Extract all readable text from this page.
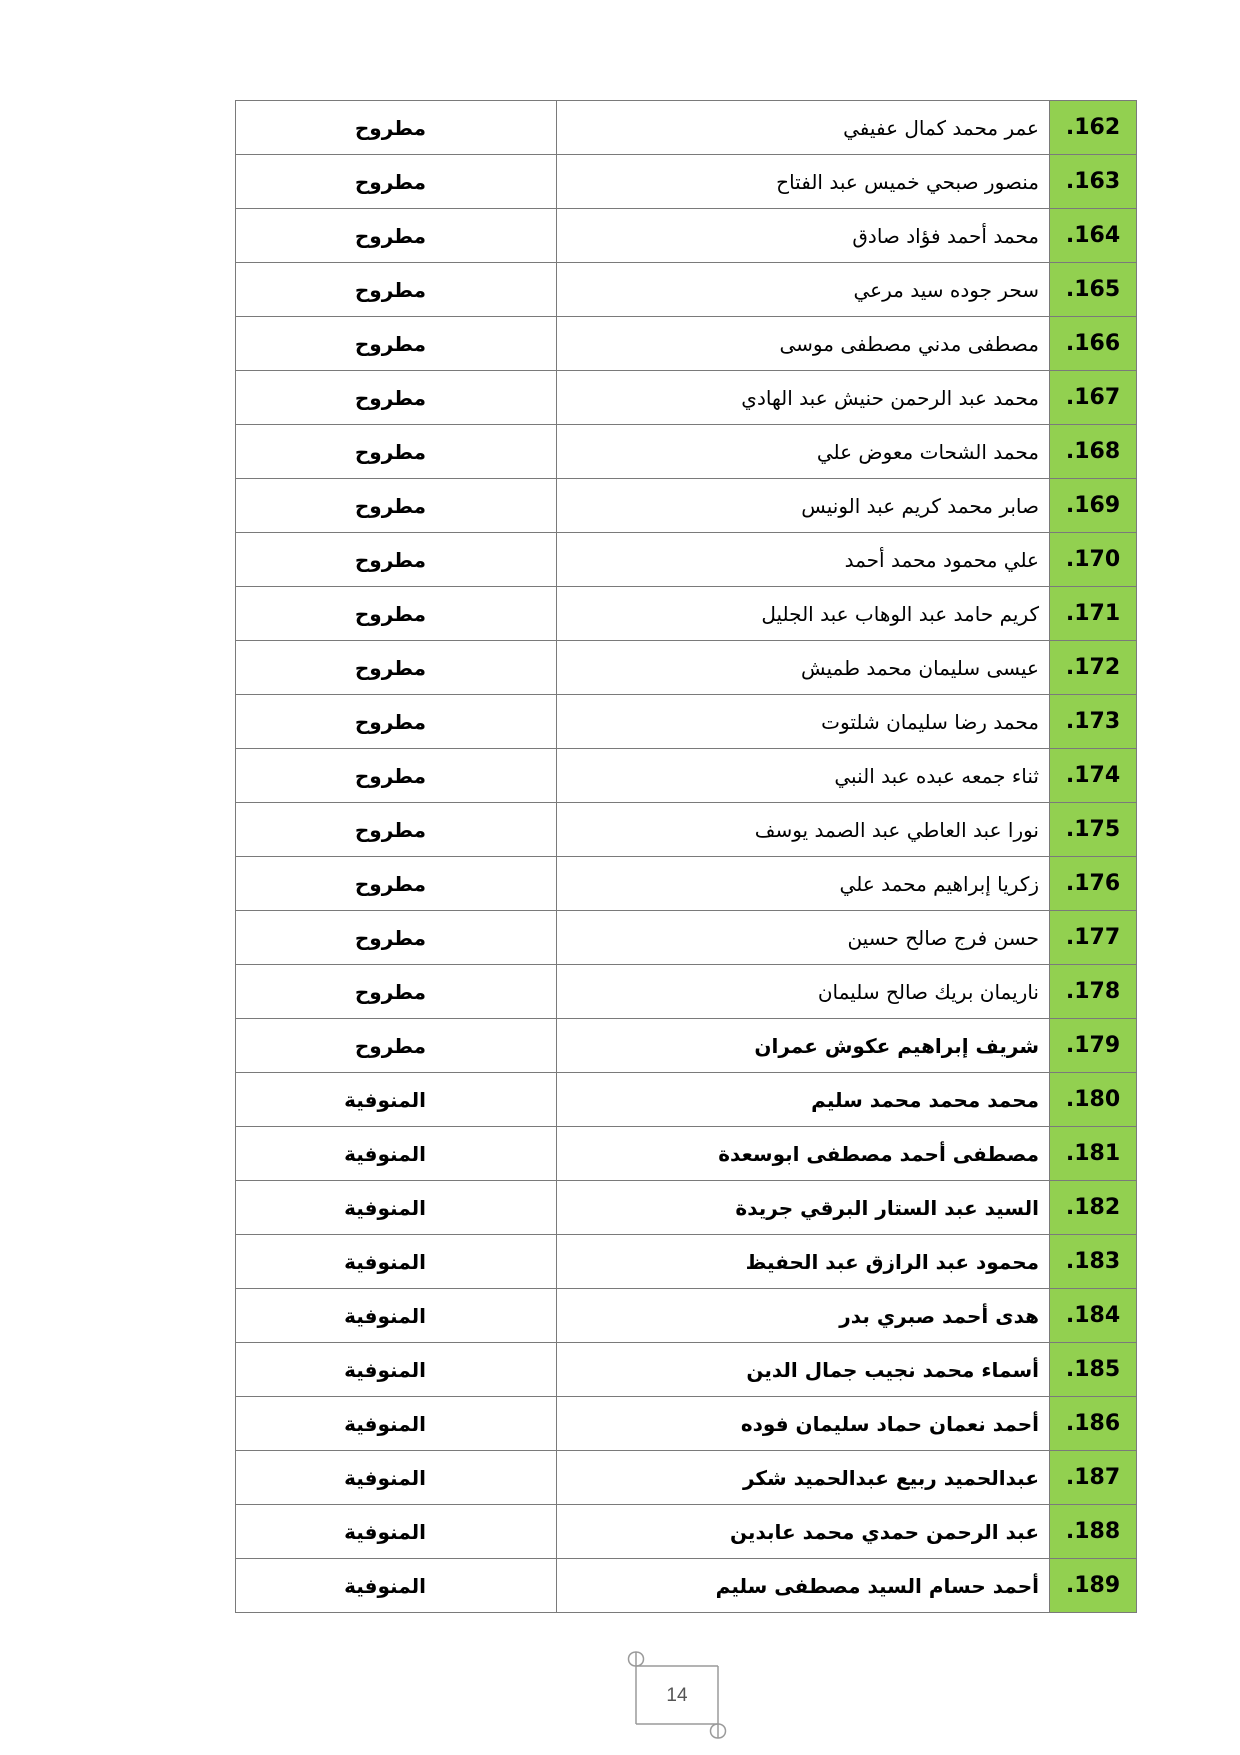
.162	عمر محمد كمال عفيفي	مطروح
.163	منصور صبحي خميس عبد الفتاح	مطروح
.164	محمد أحمد فؤاد صادق	مطروح
.165	سحر جوده سيد مرعي	مطروح
.166	مصطفى مدني مصطفى موسى	مطروح
.167	محمد عبد الرحمن حنيش عبد الهادي	مطروح
.168	محمد الشحات معوض علي	مطروح
.169	صابر محمد كريم عبد الونيس	مطروح
.170	علي محمود محمد أحمد	مطروح
.171	كريم حامد عبد الوهاب عبد الجليل	مطروح
.172	عيسى سليمان محمد طميش	مطروح
.173	محمد رضا سليمان شلتوت	مطروح
.174	ثناء جمعه عبده عبد النبي	مطروح
.175	نورا عبد العاطي عبد الصمد يوسف	مطروح
.176	زكريا إبراهيم محمد علي	مطروح
.177	حسن فرج صالح حسين	مطروح
.178	ناريمان بريك صالح سليمان	مطروح
.179	شريف إبراهيم عكوش عمران	مطروح
.180	محمد محمد محمد سليم	المنوفية
.181	مصطفى أحمد مصطفى ابوسعدة	المنوفية
.182	السيد عبد الستار البرقي جريدة	المنوفية
.183	محمود عبد الرازق عبد الحفيظ	المنوفية
.184	هدى أحمد صبري بدر	المنوفية
.185	أسماء محمد نجيب جمال الدين	المنوفية
.186	أحمد نعمان حماد سليمان فوده	المنوفية
.187	عبدالحميد ربيع عبدالحميد شكر	المنوفية
.188	عبد الرحمن حمدي محمد عابدين	المنوفية
.189	أحمد حسام السيد مصطفى سليم	المنوفية
14
